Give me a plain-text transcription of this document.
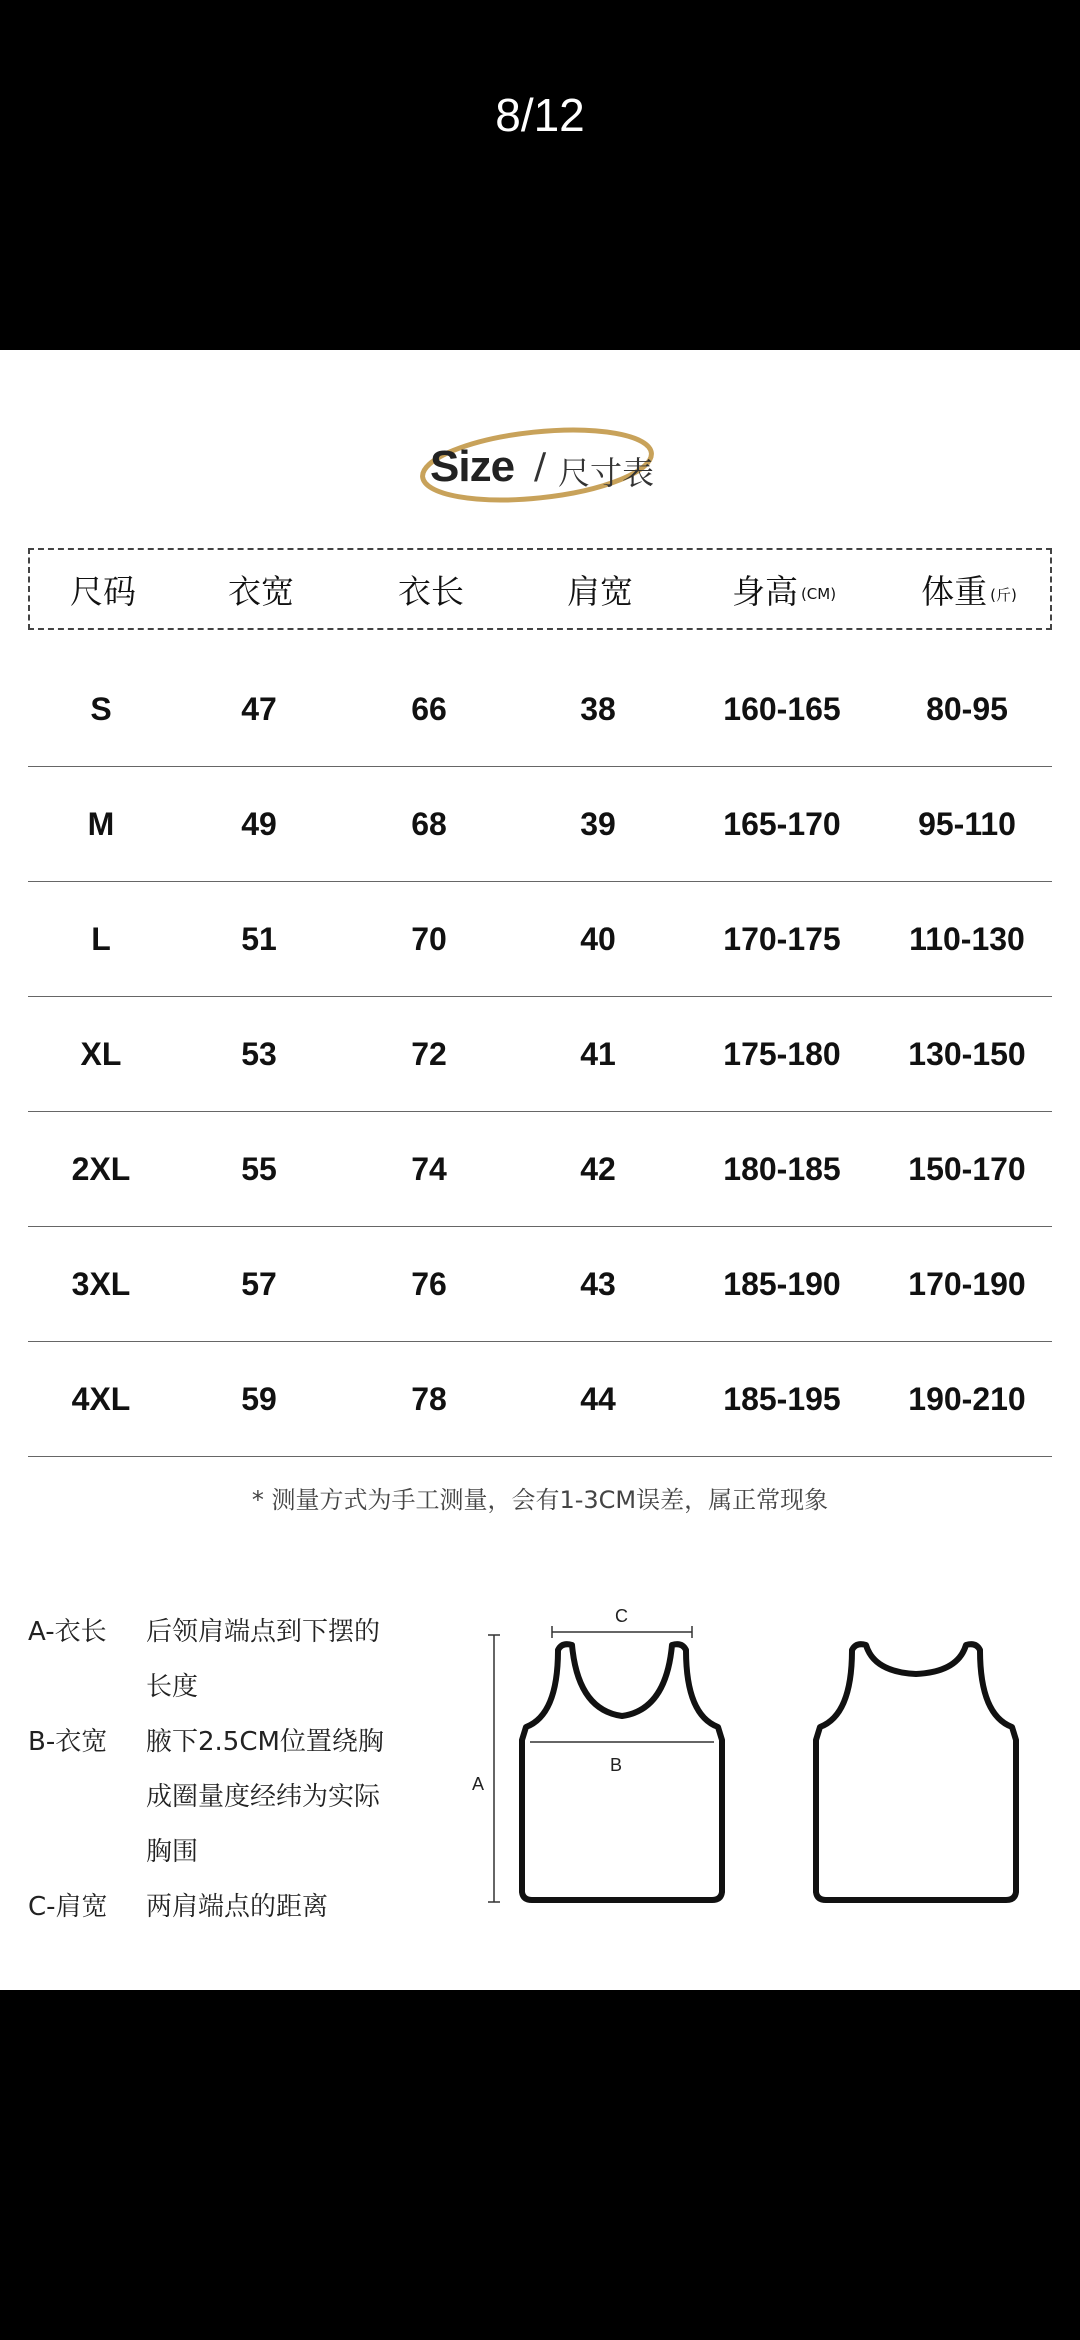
8/12
Size / 尺寸表
尺码	衣宽	衣长	肩宽	身高 (CM)	体重 (斤)
S	47	66	38	160-165	80-95
M	49	68	39	165-170	95-110
L	51	70	40	170-175	110-130
XL	53	72	41	175-180	130-150
2XL	55	74	42	180-185	150-170
3XL	57	76	43	185-190	170-190
4XL	59	78	44	185-195	190-210
* 测量方式为手工测量，会有1-3CM误差，属正常现象
A-衣长	后领肩端点到下摆的
长度
B-衣宽	腋下2.5CM位置绕胸
成圈量度经纬为实际
胸围
C-肩宽	两肩端点的距离
A
C
B
